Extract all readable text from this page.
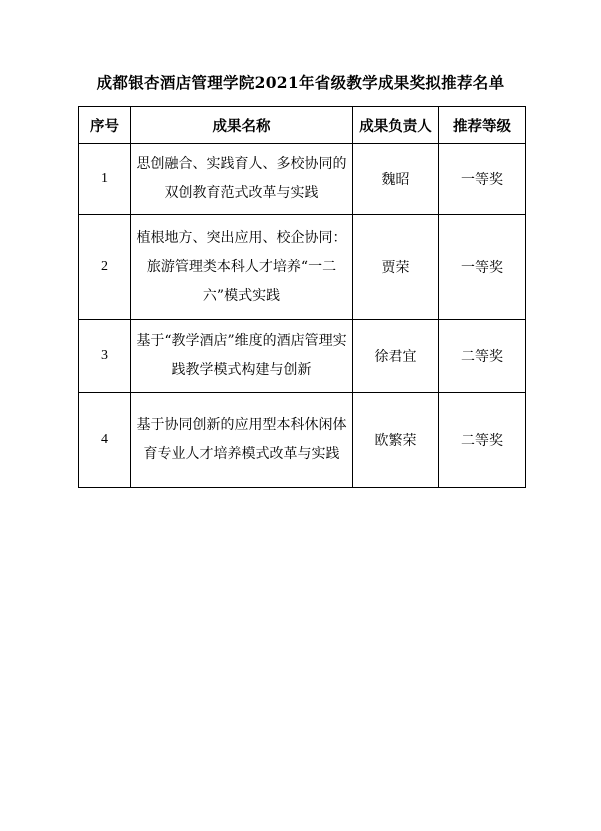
成都银杏酒店管理学院2021年省级教学成果奖拟推荐名单
序号	成果名称	成果负责人	推荐等级
1	思创融合、实践育人、多校协同的双创教育范式改革与实践	魏昭	一等奖
2	植根地方、突出应用、校企协同：旅游管理类本科人才培养“一二六”模式实践	贾荣	一等奖
3	基于“教学酒店”维度的酒店管理实践教学模式构建与创新	徐君宜	二等奖
4	基于协同创新的应用型本科休闲体育专业人才培养模式改革与实践	欧繁荣	二等奖
